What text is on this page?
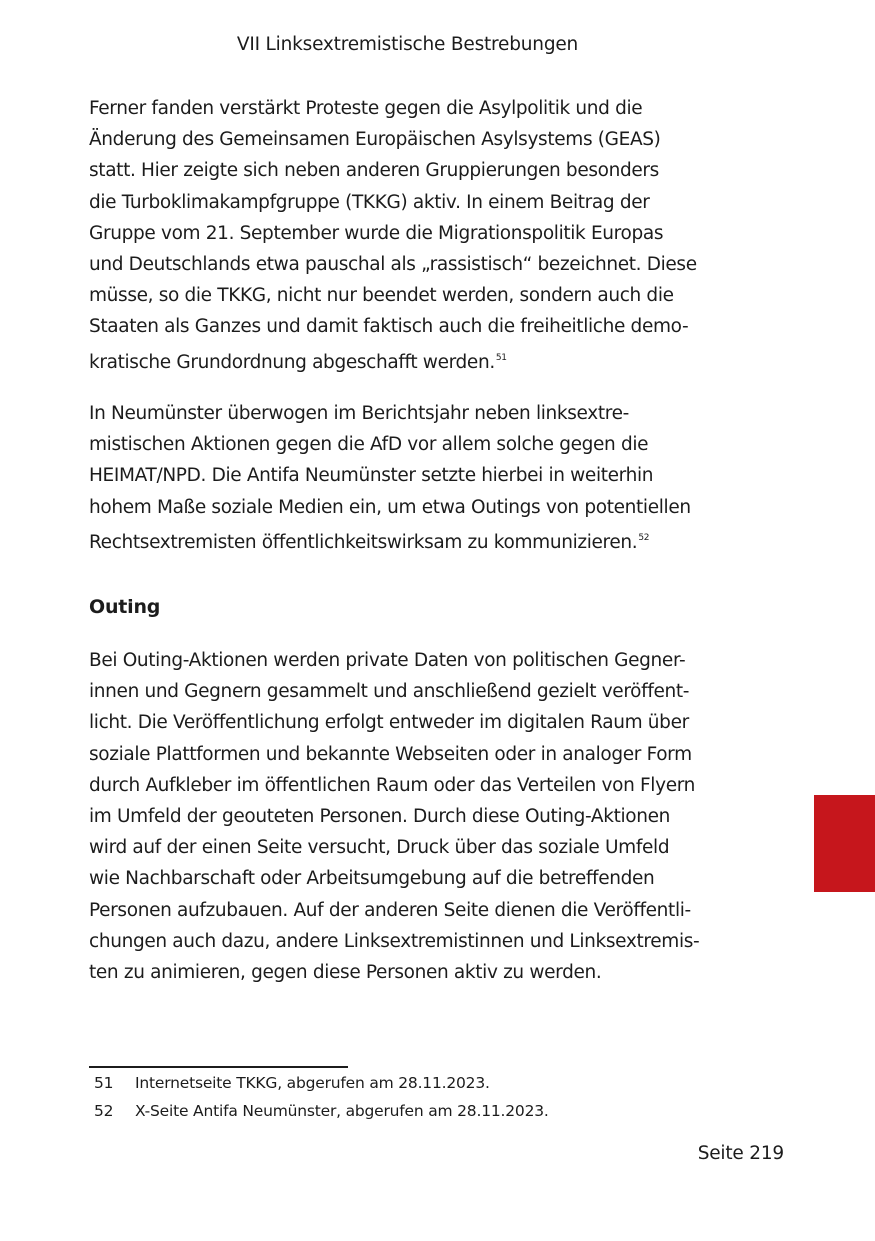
VII Linksextremistische Bestrebungen
Ferner fanden verstärkt Proteste gegen die Asylpolitik und die
Änderung des Gemeinsamen Europäischen Asylsystems (GEAS)
statt. Hier zeigte sich neben anderen Gruppierungen besonders
die Turboklimakampfgruppe (TKKG) aktiv. In einem Beitrag der
Gruppe vom 21. September wurde die Migrationspolitik Europas
und Deutschlands etwa pauschal als „rassistisch“ bezeichnet. Diese
müsse, so die TKKG, nicht nur beendet werden, sondern auch die
Staaten als Ganzes und damit faktisch auch die freiheitliche demo-
kratische Grundordnung abgeschafft werden.$^{51}$
In Neumünster überwogen im Berichtsjahr neben linksextre-
mistischen Aktionen gegen die AfD vor allem solche gegen die
HEIMAT/NPD. Die Antifa Neumünster setzte hierbei in weiterhin
hohem Maße soziale Medien ein, um etwa Outings von potentiellen
Rechtsextremisten öffentlichkeitswirksam zu kommunizieren.$^{52}$
Outing
Bei Outing-Aktionen werden private Daten von politischen Gegner-
innen und Gegnern gesammelt und anschließend gezielt veröffent-
licht. Die Veröffentlichung erfolgt entweder im digitalen Raum über
soziale Plattformen und bekannte Webseiten oder in analoger Form
durch Aufkleber im öffentlichen Raum oder das Verteilen von Flyern
im Umfeld der geouteten Personen. Durch diese Outing-Aktionen
wird auf der einen Seite versucht, Druck über das soziale Umfeld
wie Nachbarschaft oder Arbeitsumgebung auf die betreffenden
Personen aufzubauen. Auf der anderen Seite dienen die Veröffentli-
chungen auch dazu, andere Linksextremistinnen und Linksextremis-
ten zu animieren, gegen diese Personen aktiv zu werden.
51 Internetseite TKKG, abgerufen am 28.11.2023.
52 X-Seite Antifa Neumünster, abgerufen am 28.11.2023.
Seite 219
